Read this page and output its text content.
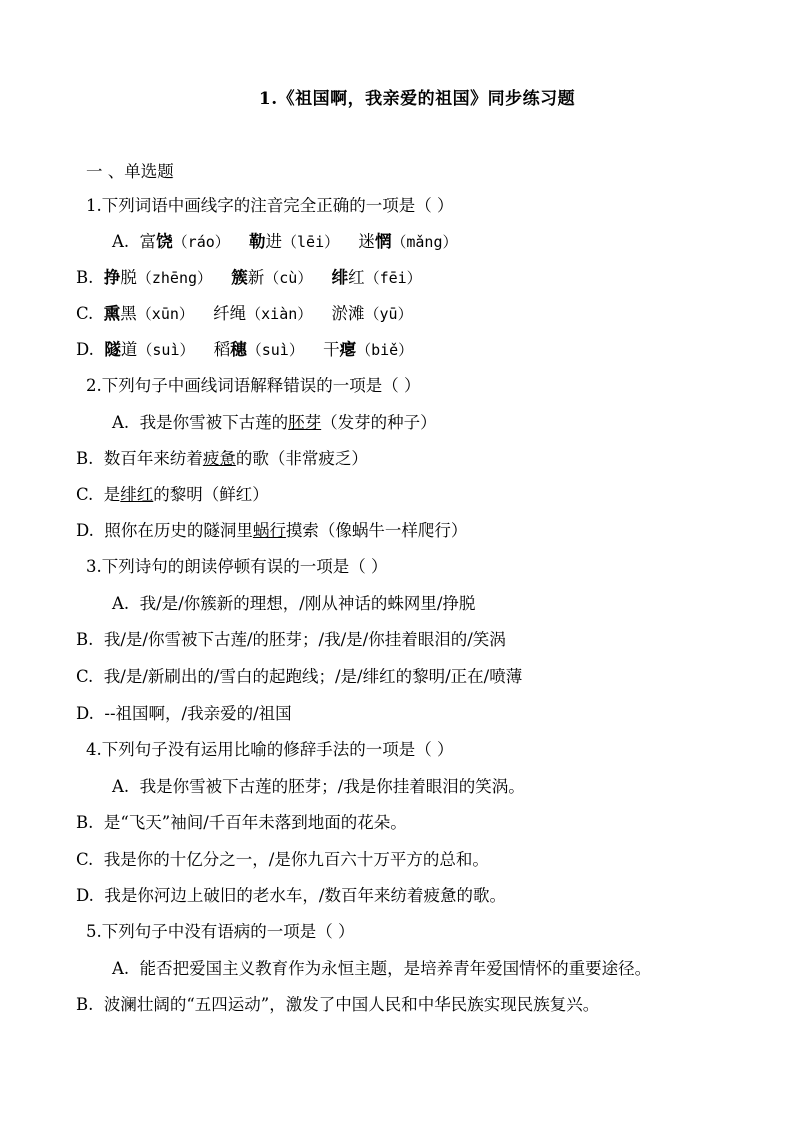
1.《祖国啊，我亲爱的祖国》同步练习题
一 、单选题
1.下列词语中画线字的注音完全正确的一项是（ ）
A. 富饶（ráo） 勒进（lēi） 迷惘（mǎng）
B. 挣脱（zhēng） 簇新（cù） 绯红（fēi）
C. 熏黑（xūn） 纤绳（xiàn） 淤滩（yū）
D. 隧道（suì） 稻穗（suì） 干瘪（biě）
2.下列句子中画线词语解释错误的一项是（ ）
A. 我是你雪被下古莲的胚芽（发芽的种子）
B. 数百年来纺着疲惫的歌（非常疲乏）
C. 是绯红的黎明（鲜红）
D. 照你在历史的隧洞里蜗行摸索（像蜗牛一样爬行）
3.下列诗句的朗读停顿有误的一项是（ ）
A. 我/是/你簇新的理想，/刚从神话的蛛网里/挣脱
B. 我/是/你雪被下古莲/的胚芽；/我/是/你挂着眼泪的/笑涡
C. 我/是/新刷出的/雪白的起跑线；/是/绯红的黎明/正在/喷薄
D. --祖国啊，/我亲爱的/祖国
4.下列句子没有运用比喻的修辞手法的一项是（ ）
A. 我是你雪被下古莲的胚芽；/我是你挂着眼泪的笑涡。
B. 是“飞天”袖间/千百年未落到地面的花朵。
C. 我是你的十亿分之一，/是你九百六十万平方的总和。
D. 我是你河边上破旧的老水车，/数百年来纺着疲惫的歌。
5.下列句子中没有语病的一项是（ ）
A. 能否把爱国主义教育作为永恒主题，是培养青年爱国情怀的重要途径。
B. 波澜壮阔的“五四运动”，激发了中国人民和中华民族实现民族复兴。
